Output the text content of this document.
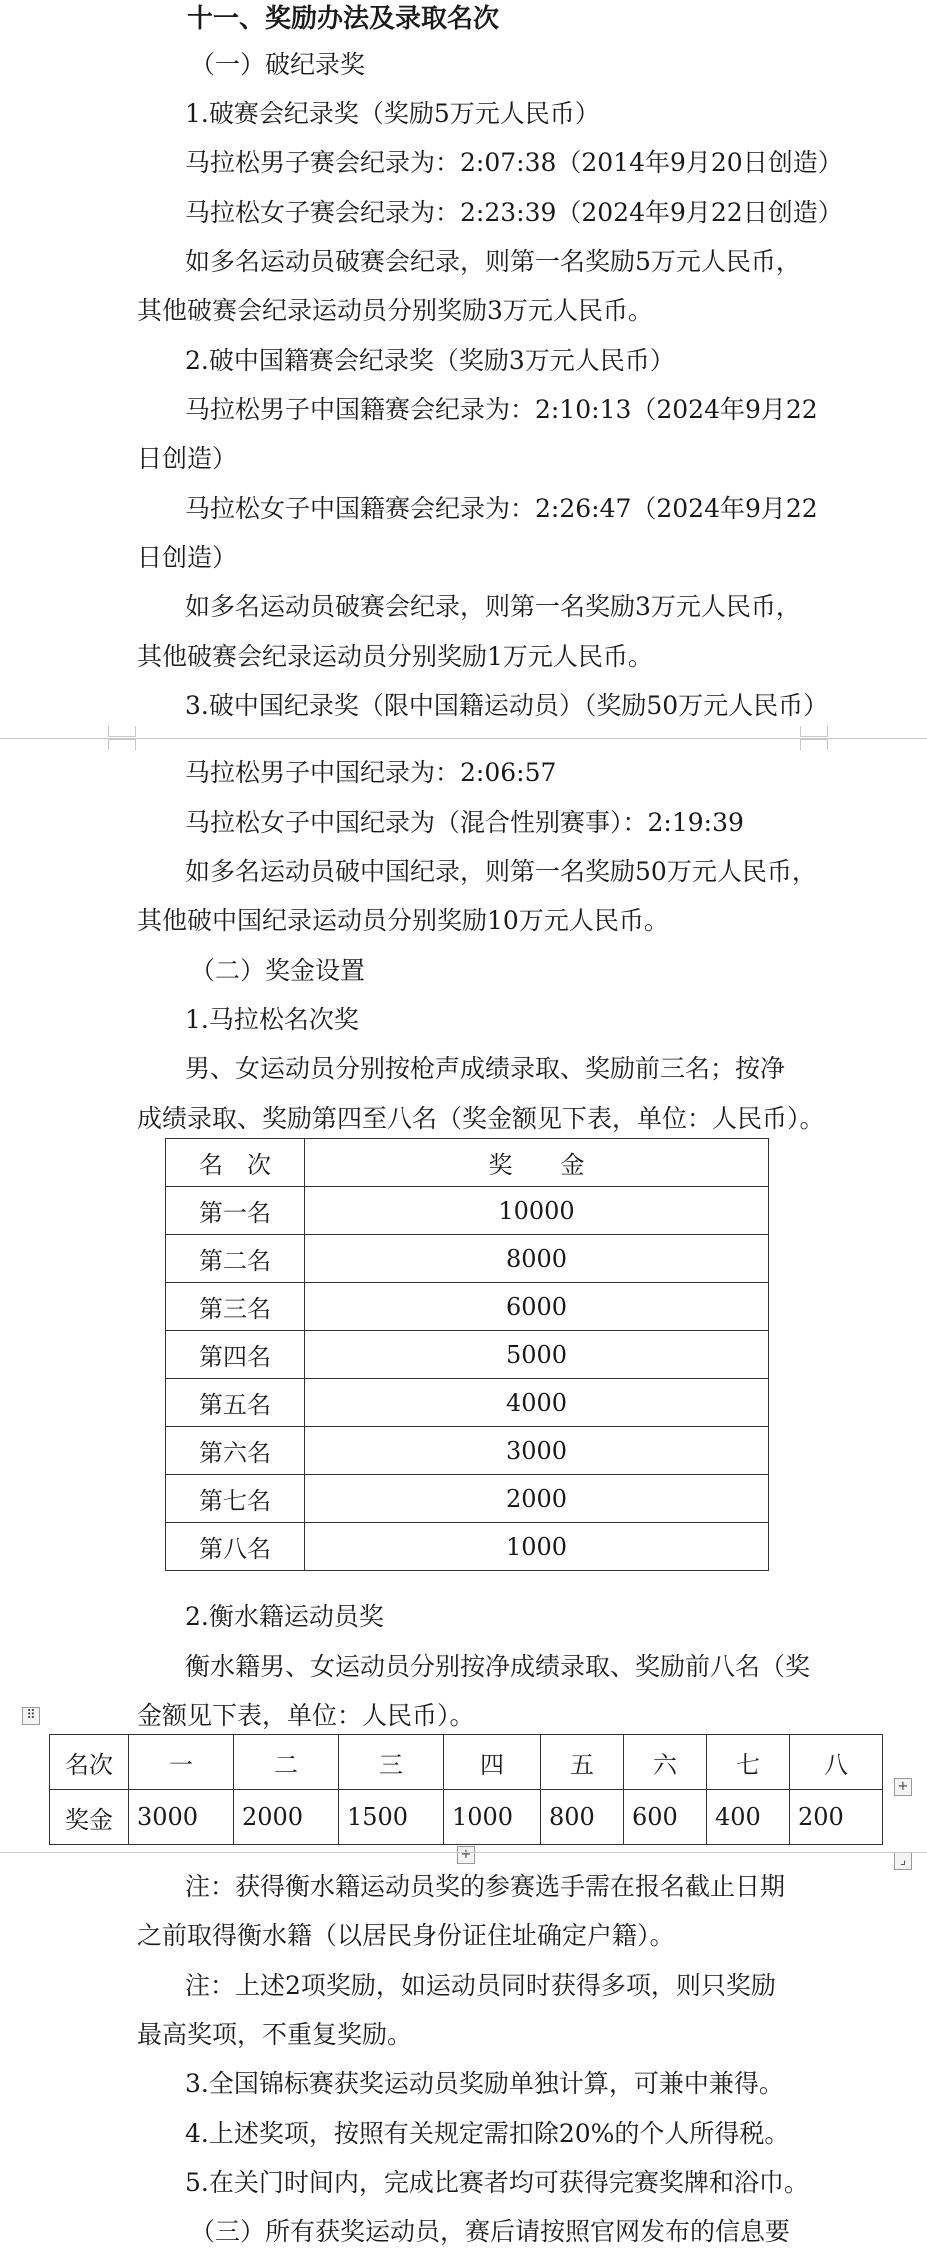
十一、奖励办法及录取名次
（一）破纪录奖
1.破赛会纪录奖（奖励5万元人民币）
马拉松男子赛会纪录为：2:07:38（2014年9月20日创造）
马拉松女子赛会纪录为：2:23:39（2024年9月22日创造）
如多名运动员破赛会纪录，则第一名奖励5万元人民币，
其他破赛会纪录运动员分别奖励3万元人民币。
2.破中国籍赛会纪录奖（奖励3万元人民币）
马拉松男子中国籍赛会纪录为：2:10:13（2024年9月22
日创造）
马拉松女子中国籍赛会纪录为：2:26:47（2024年9月22
日创造）
如多名运动员破赛会纪录，则第一名奖励3万元人民币，
其他破赛会纪录运动员分别奖励1万元人民币。
3.破中国纪录奖（限中国籍运动员）（奖励50万元人民币）
马拉松男子中国纪录为：2:06:57
马拉松女子中国纪录为（混合性别赛事）：2:19:39
如多名运动员破中国纪录，则第一名奖励50万元人民币，
其他破中国纪录运动员分别奖励10万元人民币。
（二）奖金设置
1.马拉松名次奖
男、女运动员分别按枪声成绩录取、奖励前三名；按净
成绩录取、奖励第四至八名（奖金额见下表，单位：人民币）。
名　次	奖　　金
第一名	10000
第二名	8000
第三名	6000
第四名	5000
第五名	4000
第六名	3000
第七名	2000
第八名	1000
2.衡水籍运动员奖
衡水籍男、女运动员分别按净成绩录取、奖励前八名（奖
金额见下表，单位：人民币）。
⠿
名次	一	二	三	四	五	六	七	八
奖金	3000	2000	1500	1000	800	600	400	200
+
+	⌟
注：获得衡水籍运动员奖的参赛选手需在报名截止日期
之前取得衡水籍（以居民身份证住址确定户籍）。
注：上述2项奖励，如运动员同时获得多项，则只奖励
最高奖项，不重复奖励。
3.全国锦标赛获奖运动员奖励单独计算，可兼中兼得。
4.上述奖项，按照有关规定需扣除20%的个人所得税。
5.在关门时间内，完成比赛者均可获得完赛奖牌和浴巾。
（三）所有获奖运动员，赛后请按照官网发布的信息要
